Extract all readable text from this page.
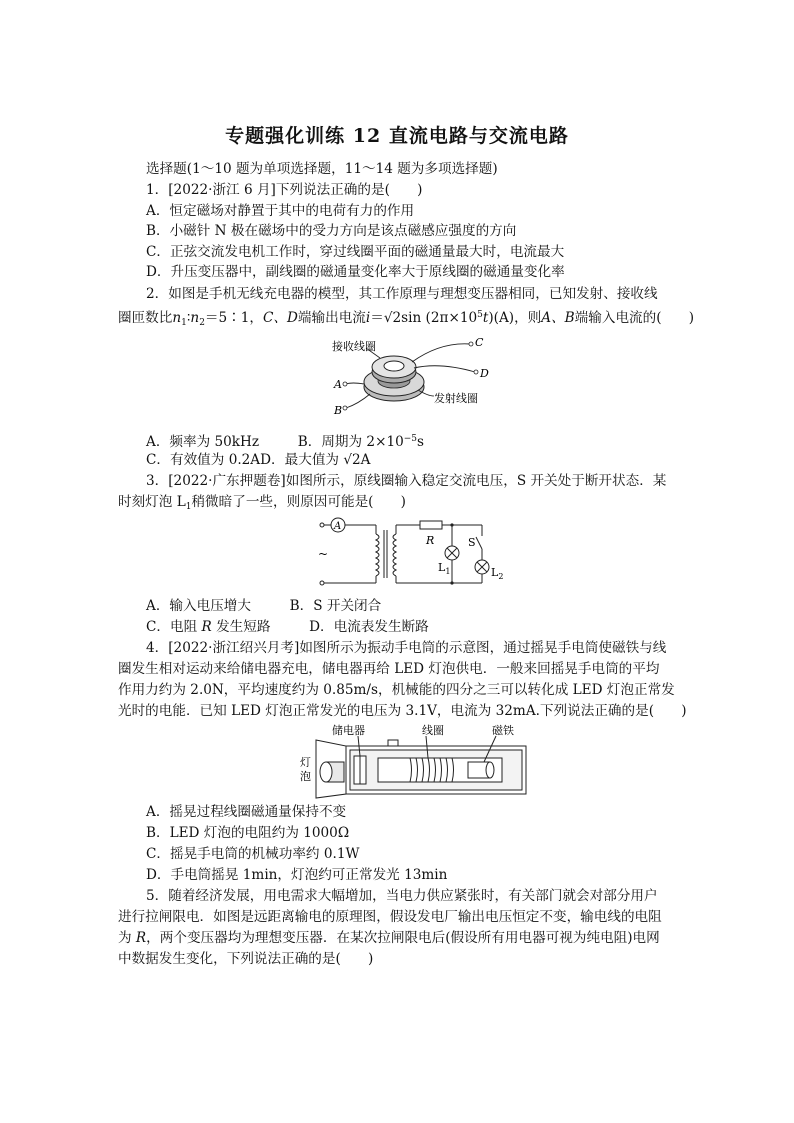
专题强化训练 12 直流电路与交流电路
选择题(1～10 题为单项选择题，11～14 题为多项选择题)
1．[2022·浙江 6 月]下列说法正确的是(　　)
A．恒定磁场对静置于其中的电荷有力的作用
B．小磁针 N 极在磁场中的受力方向是该点磁感应强度的方向
C．正弦交流发电机工作时，穿过线圈平面的磁通量最大时，电流最大
D．升压变压器中，副线圈的磁通量变化率大于原线圈的磁通量变化率
2．如图是手机无线充电器的模型，其工作原理与理想变压器相同，已知发射、接收线
圈匝数比$n_1∶n_2=5∶1$，C、D端输出电流i＝√2sin $(2\pi\times 10^5t)(A)$，则A、B端输入电流的(　　)
接收线圈
发射线圈
C
D
A
B
A．频率为 50kHz	B．周期为 $2\times 10^{-5}s$
C．有效值为 0.2AD．最大值为 √2A
3．[2022·广东押题卷]如图所示，原线圈输入稳定交流电压，S 开关处于断开状态．某
时刻灯泡 $L_1$稍微暗了一些，则原因可能是(　　)
A
~
R	S
$L_1$	$L_2$
A．输入电压增大	B．S 开关闭合
C．电阻 R 发生短路	D．电流表发生断路
4．[2022·浙江绍兴月考]如图所示为振动手电筒的示意图，通过摇晃手电筒使磁铁与线
圈发生相对运动来给储电器充电，储电器再给 LED 灯泡供电．一般来回摇晃手电筒的平均
作用力约为 2.0N，平均速度约为 0.85m/s，机械能的四分之三可以转化成 LED 灯泡正常发
光时的电能．已知 LED 灯泡正常发光的电压为 3.1V，电流为 32mA.下列说法正确的是(　　)
储电器	线圈	磁铁
灯
泡
A．摇晃过程线圈磁通量保持不变
B．LED 灯泡的电阻约为 1000Ω
C．摇晃手电筒的机械功率约 0.1W
D．手电筒摇晃 1min，灯泡约可正常发光 13min
5．随着经济发展，用电需求大幅增加，当电力供应紧张时，有关部门就会对部分用户
进行拉闸限电．如图是远距离输电的原理图，假设发电厂输出电压恒定不变，输电线的电阻
为 R，两个变压器均为理想变压器．在某次拉闸限电后(假设所有用电器可视为纯电阻)电网
中数据发生变化，下列说法正确的是(　　)
